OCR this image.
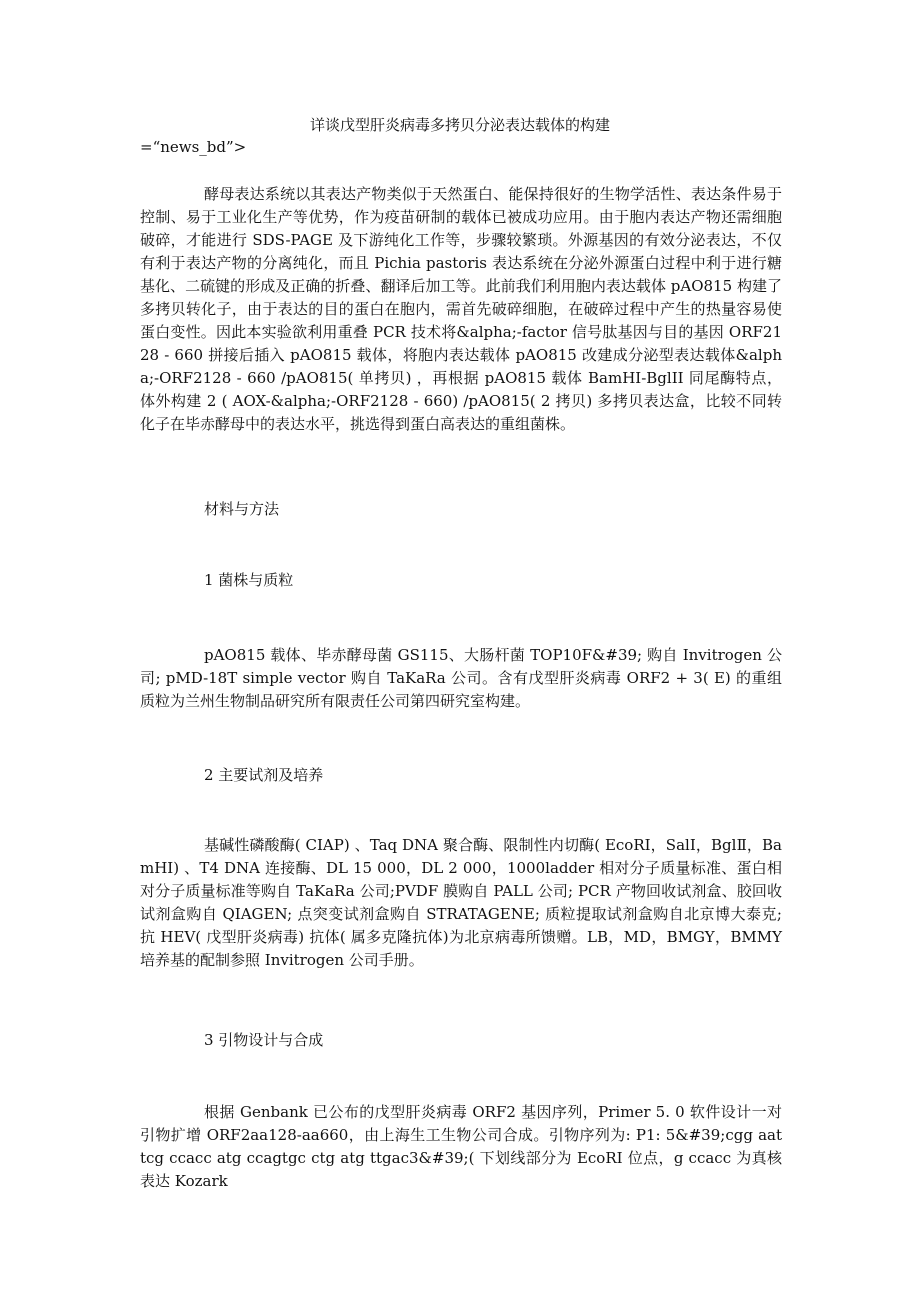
详谈戊型肝炎病毒多拷贝分泌表达载体的构建

=“news_bd”>

酵母表达系统以其表达产物类似于天然蛋白、能保持很好的生物学活性、表达条件易于控制、易于工业化生产等优势，作为疫苗研制的载体已被成功应用。由于胞内表达产物还需细胞破碎，才能进行 SDS-PAGE 及下游纯化工作等，步骤较繁琐。外源基因的有效分泌表达，不仅有利于表达产物的分离纯化，而且 Pichia pastoris 表达系统在分泌外源蛋白过程中利于进行糖基化、二硫键的形成及正确的折叠、翻译后加工等。此前我们利用胞内表达载体 pAO815 构建了多拷贝转化子，由于表达的目的蛋白在胞内，需首先破碎细胞，在破碎过程中产生的热量容易使蛋白变性。因此本实验欲利用重叠 PCR 技术将&alpha;-factor 信号肽基因与目的基因 ORF2128 - 660 拼接后插入 pAO815 载体，将胞内表达载体 pAO815 改建成分泌型表达载体&alpha;-ORF2128 - 660 /pAO815( 单拷贝) ，再根据 pAO815 载体 BamHI-BglII 同尾酶特点，体外构建 2 ( AOX-&alpha;-ORF2128 - 660) /pAO815( 2 拷贝) 多拷贝表达盒，比较不同转化子在毕赤酵母中的表达水平，挑选得到蛋白高表达的重组菌株。

材料与方法
1 菌株与质粒

pAO815 载体、毕赤酵母菌 GS115、大肠杆菌 TOP10F&#39; 购自 Invitrogen 公司; pMD-18T simple vector 购自 TaKaRa 公司。含有戊型肝炎病毒 ORF2 + 3( E) 的重组质粒为兰州生物制品研究所有限责任公司第四研究室构建。

2 主要试剂及培养

基碱性磷酸酶( CIAP) 、Taq DNA 聚合酶、限制性内切酶( EcoRI，SalI，BglⅡ，BamHI) 、T4 DNA 连接酶、DL 15 000，DL 2 000，1000ladder 相对分子质量标准、蛋白相对分子质量标准等购自 TaKaRa 公司;PVDF 膜购自 PALL 公司; PCR 产物回收试剂盒、胶回收试剂盒购自 QIAGEN; 点突变试剂盒购自 STRATAGENE; 质粒提取试剂盒购自北京博大泰克; 抗 HEV( 戊型肝炎病毒) 抗体( 属多克隆抗体)为北京病毒所馈赠。LB，MD，BMGY，BMMY 培养基的配制参照 Invitrogen 公司手册。

3 引物设计与合成

根据 Genbank 已公布的戊型肝炎病毒 ORF2 基因序列，Primer 5. 0 软件设计一对引物扩增 ORF2aa128-aa660，由上海生工生物公司合成。引物序列为: P1: 5&#39;cgg aat tcg ccacc atg ccagtgc ctg atg ttgac3&#39;( 下划线部分为 EcoRI 位点，g ccacc 为真核表达 Kozark
